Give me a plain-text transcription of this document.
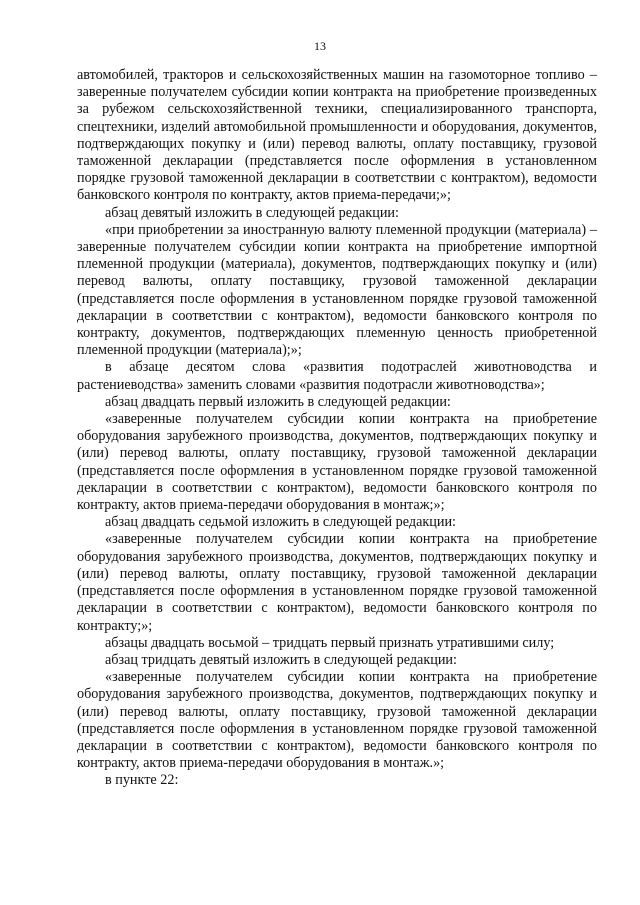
13

автомобилей, тракторов и сельскохозяйственных машин на газомоторное топливо – заверенные получателем субсидии копии контракта на приобретение произведенных за рубежом сельскохозяйственной техники, специализированного транспорта, спецтехники, изделий автомобильной промышленности и оборудования, документов, подтверждающих покупку и (или) перевод валюты, оплату поставщику, грузовой таможенной декларации (представляется после оформления в установленном порядке грузовой таможенной декларации в соответствии с контрактом), ведомости банковского контроля по контракту, актов приема-передачи;»;

абзац девятый изложить в следующей редакции:

«при приобретении за иностранную валюту племенной продукции (материала) – заверенные получателем субсидии копии контракта на приобретение импортной племенной продукции (материала), документов, подтверждающих покупку и (или) перевод валюты, оплату поставщику, грузовой таможенной декларации (представляется после оформления в установленном порядке грузовой таможенной декларации в соответствии с контрактом), ведомости банковского контроля по контракту, документов, подтверждающих племенную ценность приобретенной племенной продукции (материала);»;

в абзаце десятом слова «развития подотраслей животноводства и растениеводства» заменить словами «развития подотрасли животноводства»;

абзац двадцать первый изложить в следующей редакции:

«заверенные получателем субсидии копии контракта на приобретение оборудования зарубежного производства, документов, подтверждающих покупку и (или) перевод валюты, оплату поставщику, грузовой таможенной декларации (представляется после оформления в установленном порядке грузовой таможенной декларации в соответствии с контрактом), ведомости банковского контроля по контракту, актов приема-передачи оборудования в монтаж;»;

абзац двадцать седьмой изложить в следующей редакции:

«заверенные получателем субсидии копии контракта на приобретение оборудования зарубежного производства, документов, подтверждающих покупку и (или) перевод валюты, оплату поставщику, грузовой таможенной декларации (представляется после оформления в установленном порядке грузовой таможенной декларации в соответствии с контрактом), ведомости банковского контроля по контракту;»;

абзацы двадцать восьмой – тридцать первый признать утратившими силу;

абзац тридцать девятый изложить в следующей редакции:

«заверенные получателем субсидии копии контракта на приобретение оборудования зарубежного производства, документов, подтверждающих покупку и (или) перевод валюты, оплату поставщику, грузовой таможенной декларации (представляется после оформления в установленном порядке грузовой таможенной декларации в соответствии с контрактом), ведомости банковского контроля по контракту, актов приема-передачи оборудования в монтаж.»;

в пункте 22:
